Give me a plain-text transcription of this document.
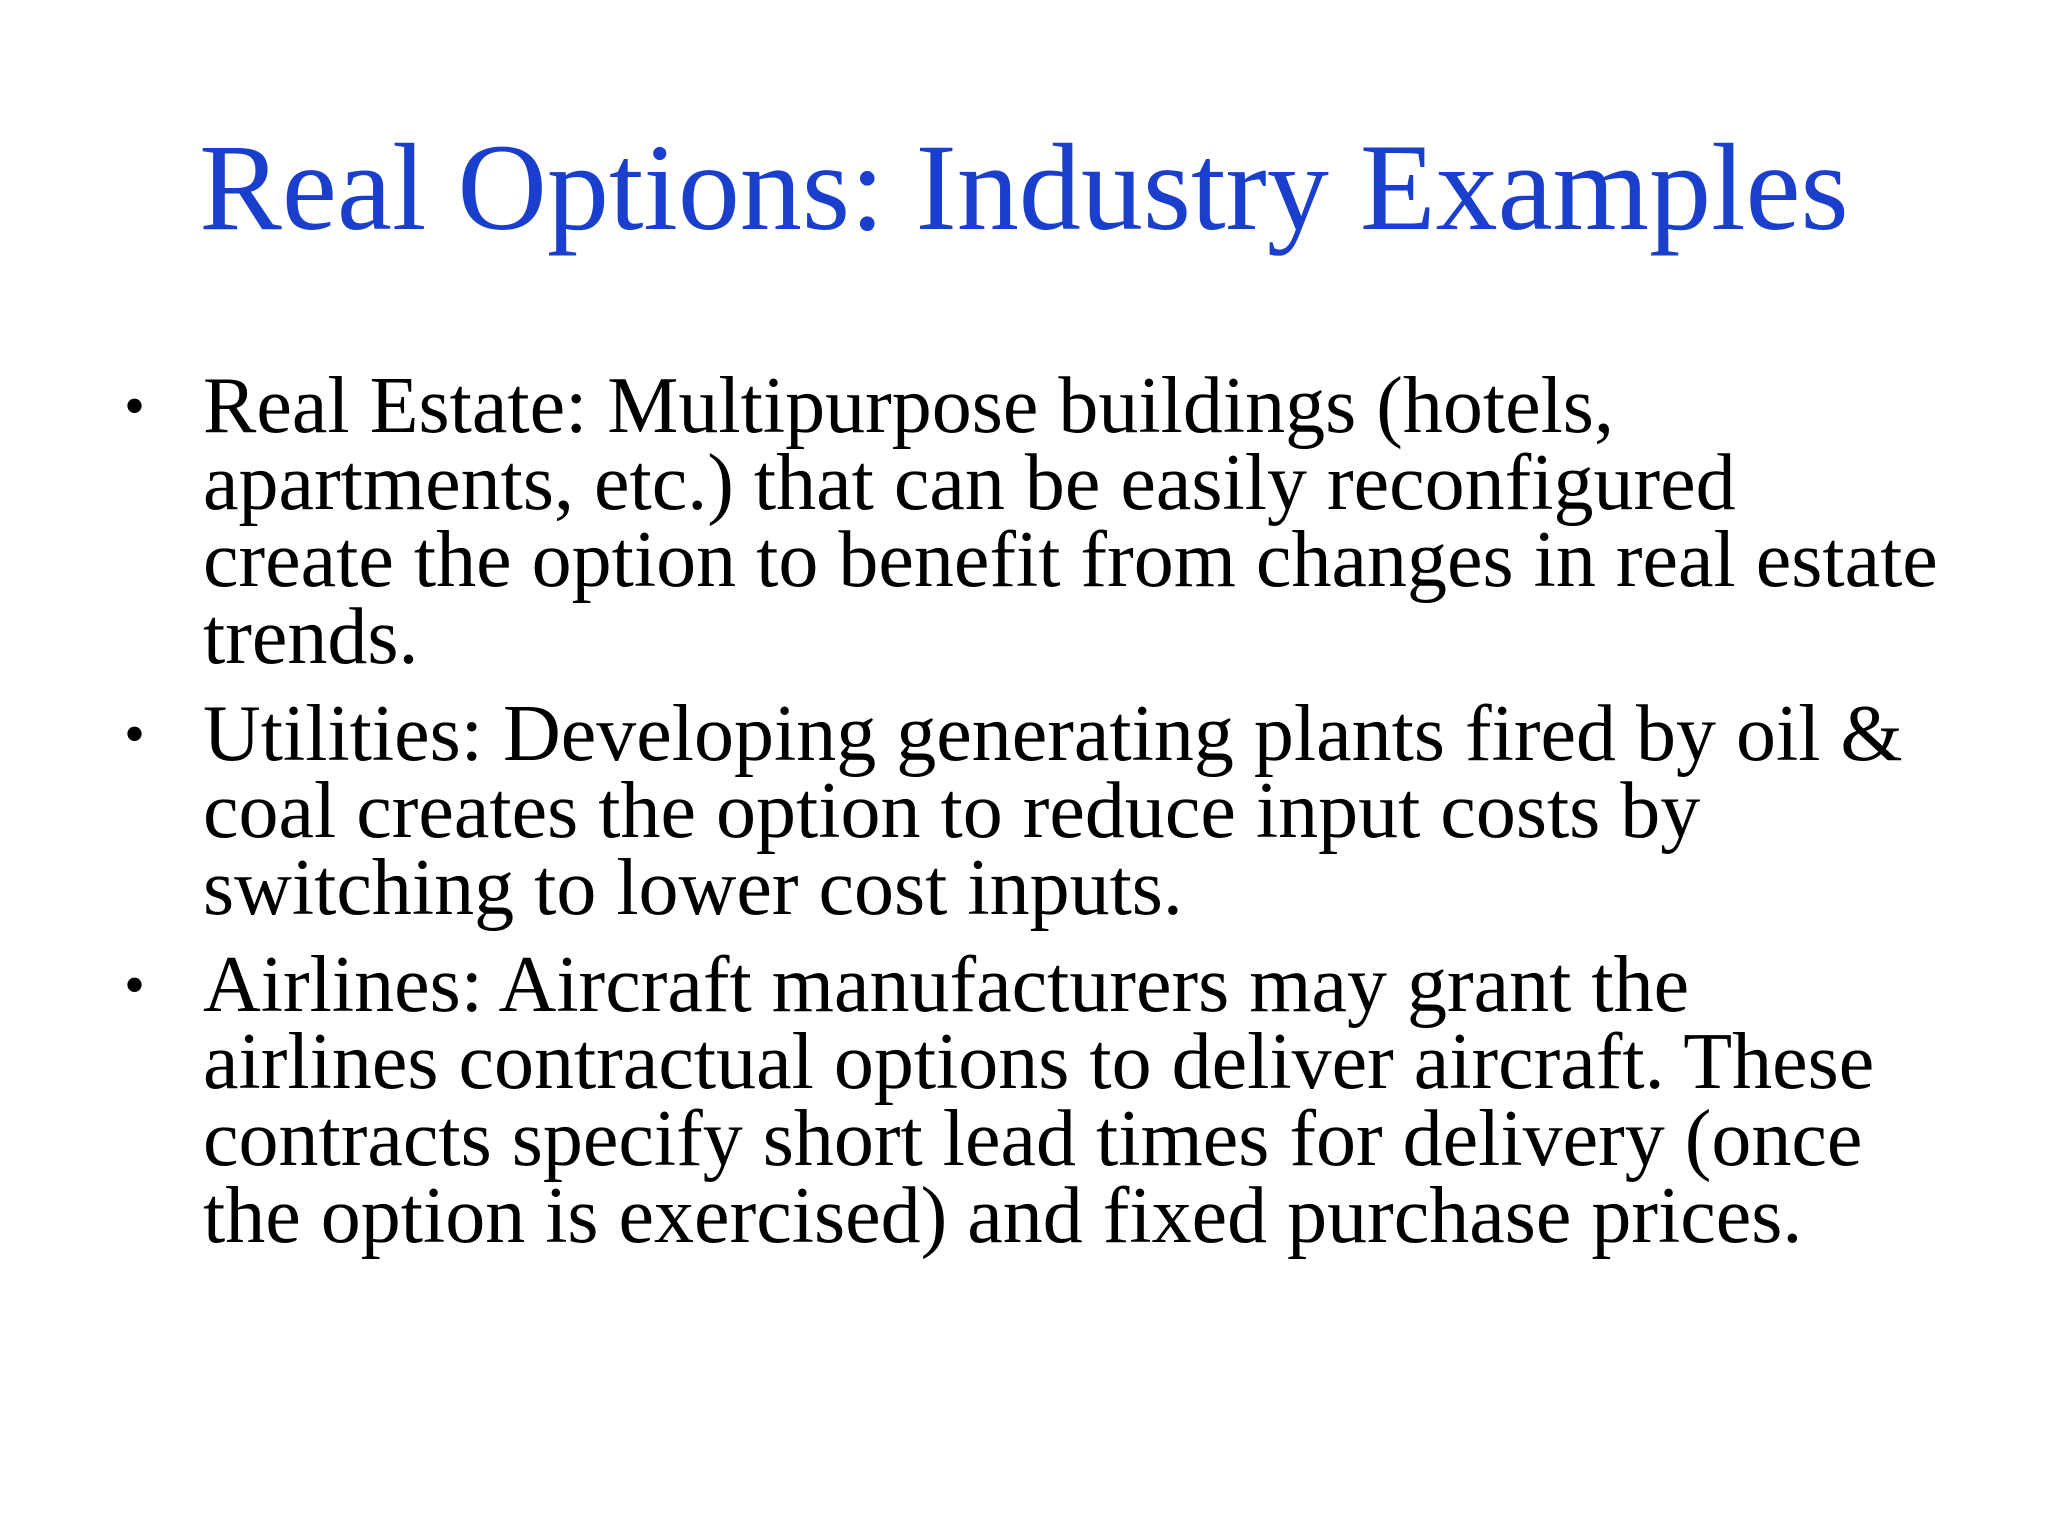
Real Options: Industry Examples
• Real Estate: Multipurpose buildings (hotels,
apartments, etc.) that can be easily reconfigured
create the option to benefit from changes in real estate
trends.
• Utilities: Developing generating plants fired by oil &
coal creates the option to reduce input costs by
switching to lower cost inputs.
• Airlines: Aircraft manufacturers may grant the
airlines contractual options to deliver aircraft. These
contracts specify short lead times for delivery (once
the option is exercised) and fixed purchase prices.
